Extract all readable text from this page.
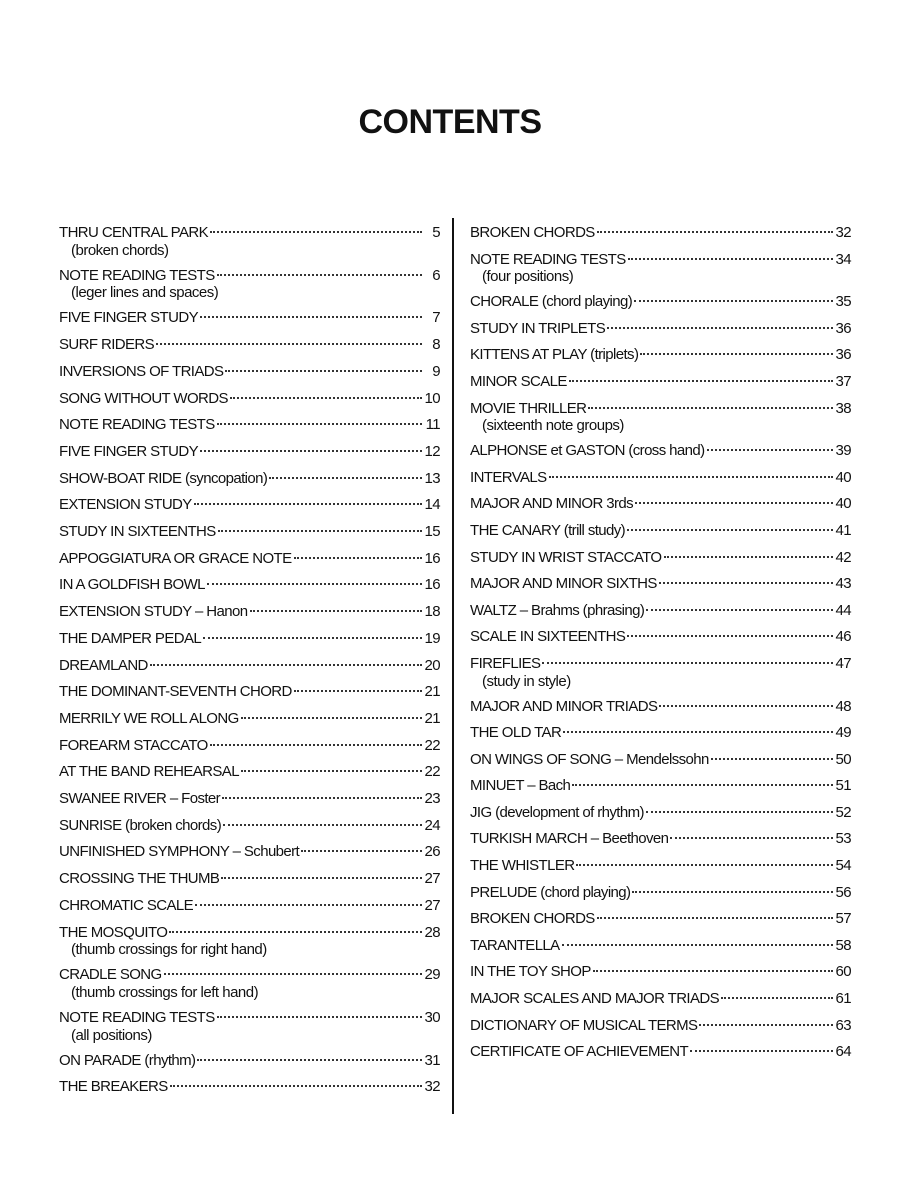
CONTENTS
THRU CENTRAL PARK	5
(broken chords)
NOTE READING TESTS	6
(leger lines and spaces)
FIVE FINGER STUDY	7
SURF RIDERS	8
INVERSIONS OF TRIADS	9
SONG WITHOUT WORDS	10
NOTE READING TESTS	11
FIVE FINGER STUDY	12
SHOW-BOAT RIDE (syncopation)	13
EXTENSION STUDY	14
STUDY IN SIXTEENTHS	15
APPOGGIATURA OR GRACE NOTE	16
IN A GOLDFISH BOWL	16
EXTENSION STUDY – Hanon	18
THE DAMPER PEDAL	19
DREAMLAND	20
THE DOMINANT-SEVENTH CHORD	21
MERRILY WE ROLL ALONG	21
FOREARM STACCATO	22
AT THE BAND REHEARSAL	22
SWANEE RIVER – Foster	23
SUNRISE (broken chords)	24
UNFINISHED SYMPHONY – Schubert	26
CROSSING THE THUMB	27
CHROMATIC SCALE	27
THE MOSQUITO	28
(thumb crossings for right hand)
CRADLE SONG	29
(thumb crossings for left hand)
NOTE READING TESTS	30
(all positions)
ON PARADE (rhythm)	31
THE BREAKERS	32
BROKEN CHORDS	32
NOTE READING TESTS	34
(four positions)
CHORALE (chord playing)	35
STUDY IN TRIPLETS	36
KITTENS AT PLAY (triplets)	36
MINOR SCALE	37
MOVIE THRILLER	38
(sixteenth note groups)
ALPHONSE et GASTON (cross hand)	39
INTERVALS	40
MAJOR AND MINOR 3rds	40
THE CANARY (trill study)	41
STUDY IN WRIST STACCATO	42
MAJOR AND MINOR SIXTHS	43
WALTZ – Brahms (phrasing)	44
SCALE IN SIXTEENTHS	46
FIREFLIES	47
(study in style)
MAJOR AND MINOR TRIADS	48
THE OLD TAR	49
ON WINGS OF SONG – Mendelssohn	50
MINUET – Bach	51
JIG (development of rhythm)	52
TURKISH MARCH – Beethoven	53
THE WHISTLER	54
PRELUDE (chord playing)	56
BROKEN CHORDS	57
TARANTELLA	58
IN THE TOY SHOP	60
MAJOR SCALES AND MAJOR TRIADS	61
DICTIONARY OF MUSICAL TERMS	63
CERTIFICATE OF ACHIEVEMENT	64
